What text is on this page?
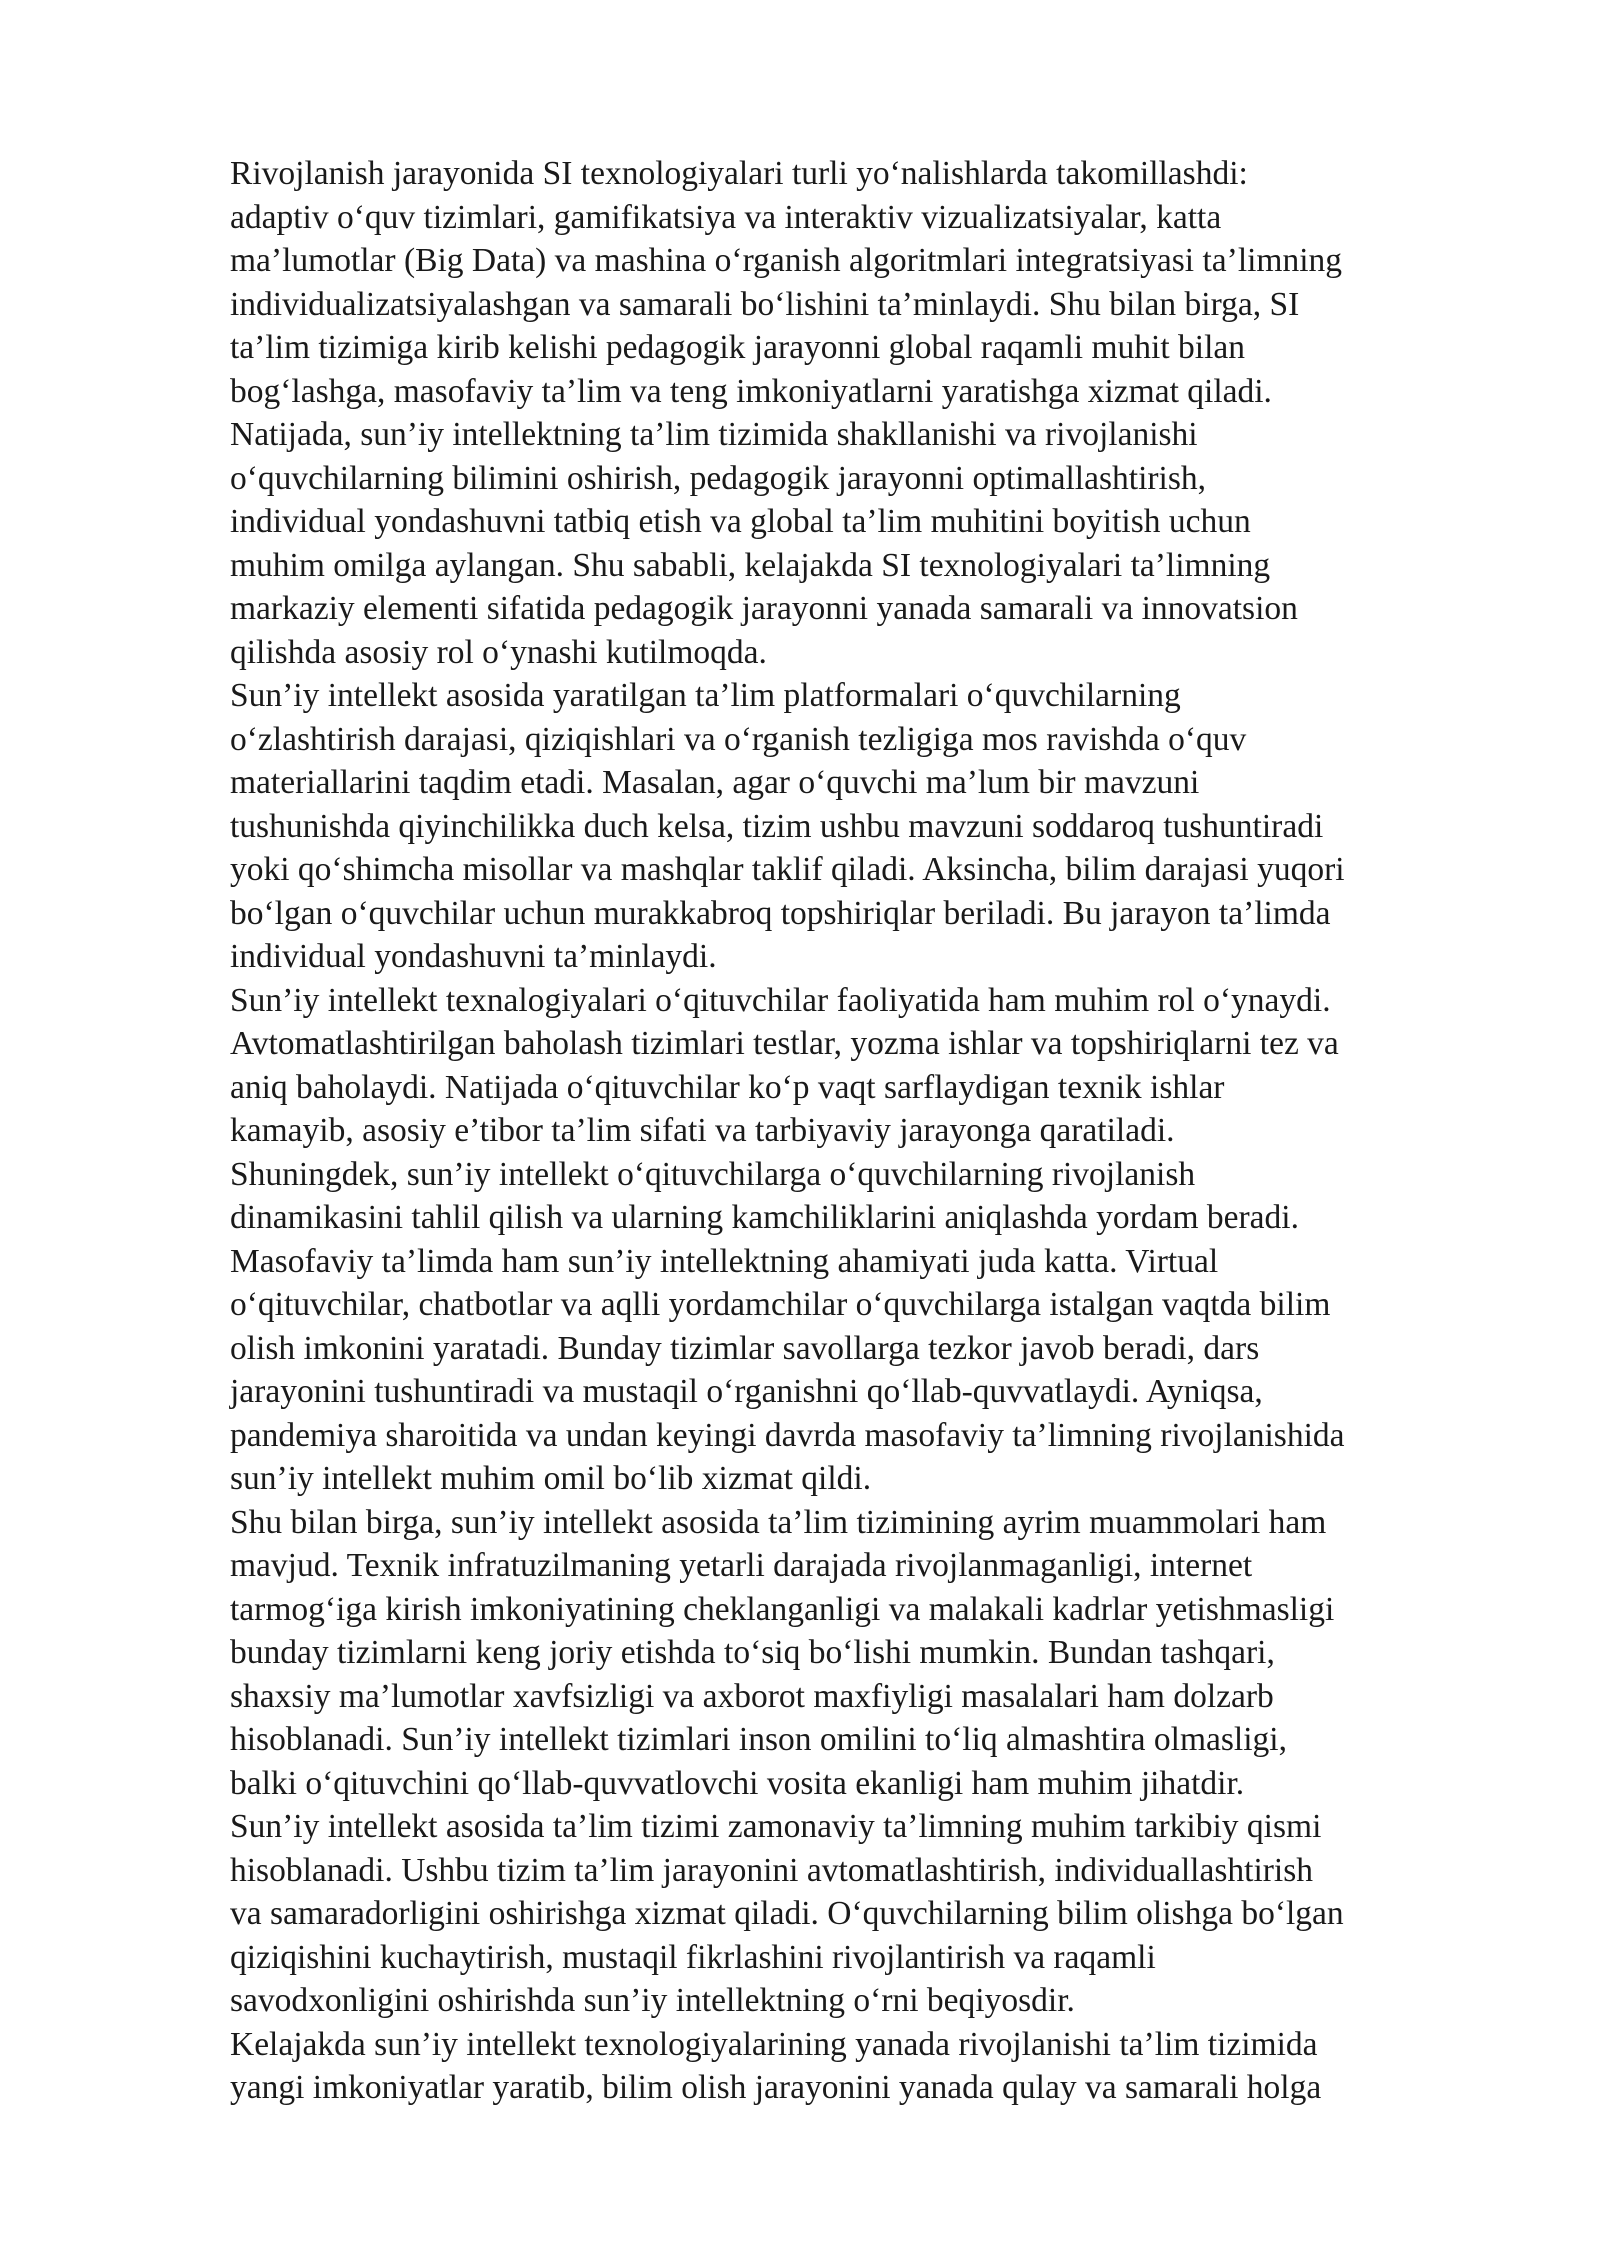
Rivojlanish jarayonida SI texnologiyalari turli yo‘nalishlarda takomillashdi:
adaptiv o‘quv tizimlari, gamifikatsiya va interaktiv vizualizatsiyalar, katta
ma’lumotlar (Big Data) va mashina o‘rganish algoritmlari integratsiyasi ta’limning
individualizatsiyalashgan va samarali bo‘lishini ta’minlaydi. Shu bilan birga, SI
ta’lim tizimiga kirib kelishi pedagogik jarayonni global raqamli muhit bilan
bog‘lashga, masofaviy ta’lim va teng imkoniyatlarni yaratishga xizmat qiladi.
Natijada, sun’iy intellektning ta’lim tizimida shakllanishi va rivojlanishi
o‘quvchilarning bilimini oshirish, pedagogik jarayonni optimallashtirish,
individual yondashuvni tatbiq etish va global ta’lim muhitini boyitish uchun
muhim omilga aylangan. Shu sababli, kelajakda SI texnologiyalari ta’limning
markaziy elementi sifatida pedagogik jarayonni yanada samarali va innovatsion
qilishda asosiy rol o‘ynashi kutilmoqda.
Sun’iy intellekt asosida yaratilgan ta’lim platformalari o‘quvchilarning
o‘zlashtirish darajasi, qiziqishlari va o‘rganish tezligiga mos ravishda o‘quv
materiallarini taqdim etadi. Masalan, agar o‘quvchi ma’lum bir mavzuni
tushunishda qiyinchilikka duch kelsa, tizim ushbu mavzuni soddaroq tushuntiradi
yoki qo‘shimcha misollar va mashqlar taklif qiladi. Aksincha, bilim darajasi yuqori
bo‘lgan o‘quvchilar uchun murakkabroq topshiriqlar beriladi. Bu jarayon ta’limda
individual yondashuvni ta’minlaydi.
Sun’iy intellekt texnalogiyalari o‘qituvchilar faoliyatida ham muhim rol o‘ynaydi.
Avtomatlashtirilgan baholash tizimlari testlar, yozma ishlar va topshiriqlarni tez va
aniq baholaydi. Natijada o‘qituvchilar ko‘p vaqt sarflaydigan texnik ishlar
kamayib, asosiy e’tibor ta’lim sifati va tarbiyaviy jarayonga qaratiladi.
Shuningdek, sun’iy intellekt o‘qituvchilarga o‘quvchilarning rivojlanish
dinamikasini tahlil qilish va ularning kamchiliklarini aniqlashda yordam beradi.
Masofaviy ta’limda ham sun’iy intellektning ahamiyati juda katta. Virtual
o‘qituvchilar, chatbotlar va aqlli yordamchilar o‘quvchilarga istalgan vaqtda bilim
olish imkonini yaratadi. Bunday tizimlar savollarga tezkor javob beradi, dars
jarayonini tushuntiradi va mustaqil o‘rganishni qo‘llab-quvvatlaydi. Ayniqsa,
pandemiya sharoitida va undan keyingi davrda masofaviy ta’limning rivojlanishida
sun’iy intellekt muhim omil bo‘lib xizmat qildi.
Shu bilan birga, sun’iy intellekt asosida ta’lim tizimining ayrim muammolari ham
mavjud. Texnik infratuzilmaning yetarli darajada rivojlanmaganligi, internet
tarmog‘iga kirish imkoniyatining cheklanganligi va malakali kadrlar yetishmasligi
bunday tizimlarni keng joriy etishda to‘siq bo‘lishi mumkin. Bundan tashqari,
shaxsiy ma’lumotlar xavfsizligi va axborot maxfiyligi masalalari ham dolzarb
hisoblanadi. Sun’iy intellekt tizimlari inson omilini to‘liq almashtira olmasligi,
balki o‘qituvchini qo‘llab-quvvatlovchi vosita ekanligi ham muhim jihatdir.
Sun’iy intellekt asosida ta’lim tizimi zamonaviy ta’limning muhim tarkibiy qismi
hisoblanadi. Ushbu tizim ta’lim jarayonini avtomatlashtirish, individuallashtirish
va samaradorligini oshirishga xizmat qiladi. O‘quvchilarning bilim olishga bo‘lgan
qiziqishini kuchaytirish, mustaqil fikrlashini rivojlantirish va raqamli
savodxonligini oshirishda sun’iy intellektning o‘rni beqiyosdir.
Kelajakda sun’iy intellekt texnologiyalarining yanada rivojlanishi ta’lim tizimida
yangi imkoniyatlar yaratib, bilim olish jarayonini yanada qulay va samarali holga
